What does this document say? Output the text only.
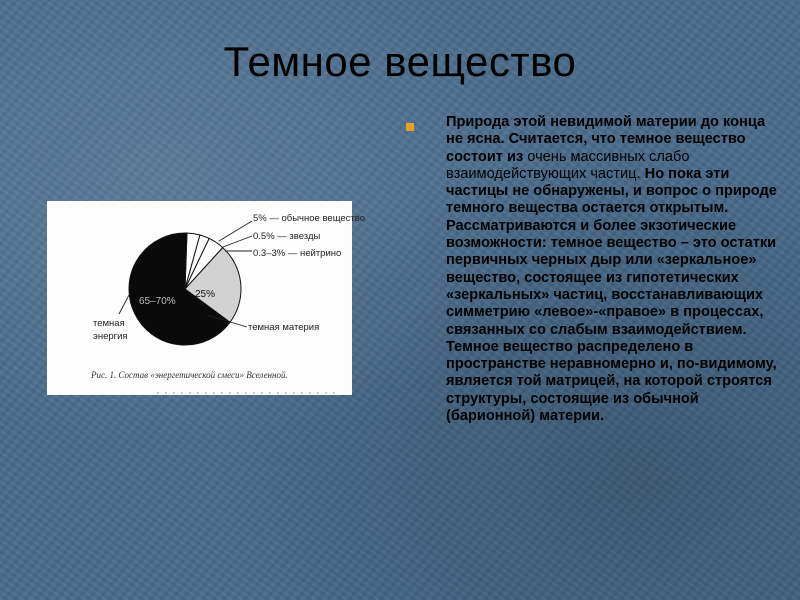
Темное вещество
Природа этой невидимой материи до конца не ясна. Считается, что темное вещество состоит из очень массивных слабо взаимодействующих частиц. Но пока эти частицы не обнаружены, и вопрос о природе темного вещества остается открытым. Рассматриваются и более экзотические возможности: темное вещество – это остатки первичных черных дыр или «зеркальное» вещество, состоящее из гипотетических «зеркальных» частиц, восстанавливающих симметрию «левое»-«правое» в процессах, связанных со слабым взаимодействием. Темное вещество распределено в пространстве неравномерно и, по-видимому, является той матрицей, на которой строятся структуры, состоящие из обычной (барионной) материи.
5% — обычное вещество
0.5% — звезды
0.3–3% — нейтрино
темная материя
темная
энергия
65–70%
25%
Рис. 1. Состав «энергетической смеси» Вселенной.
